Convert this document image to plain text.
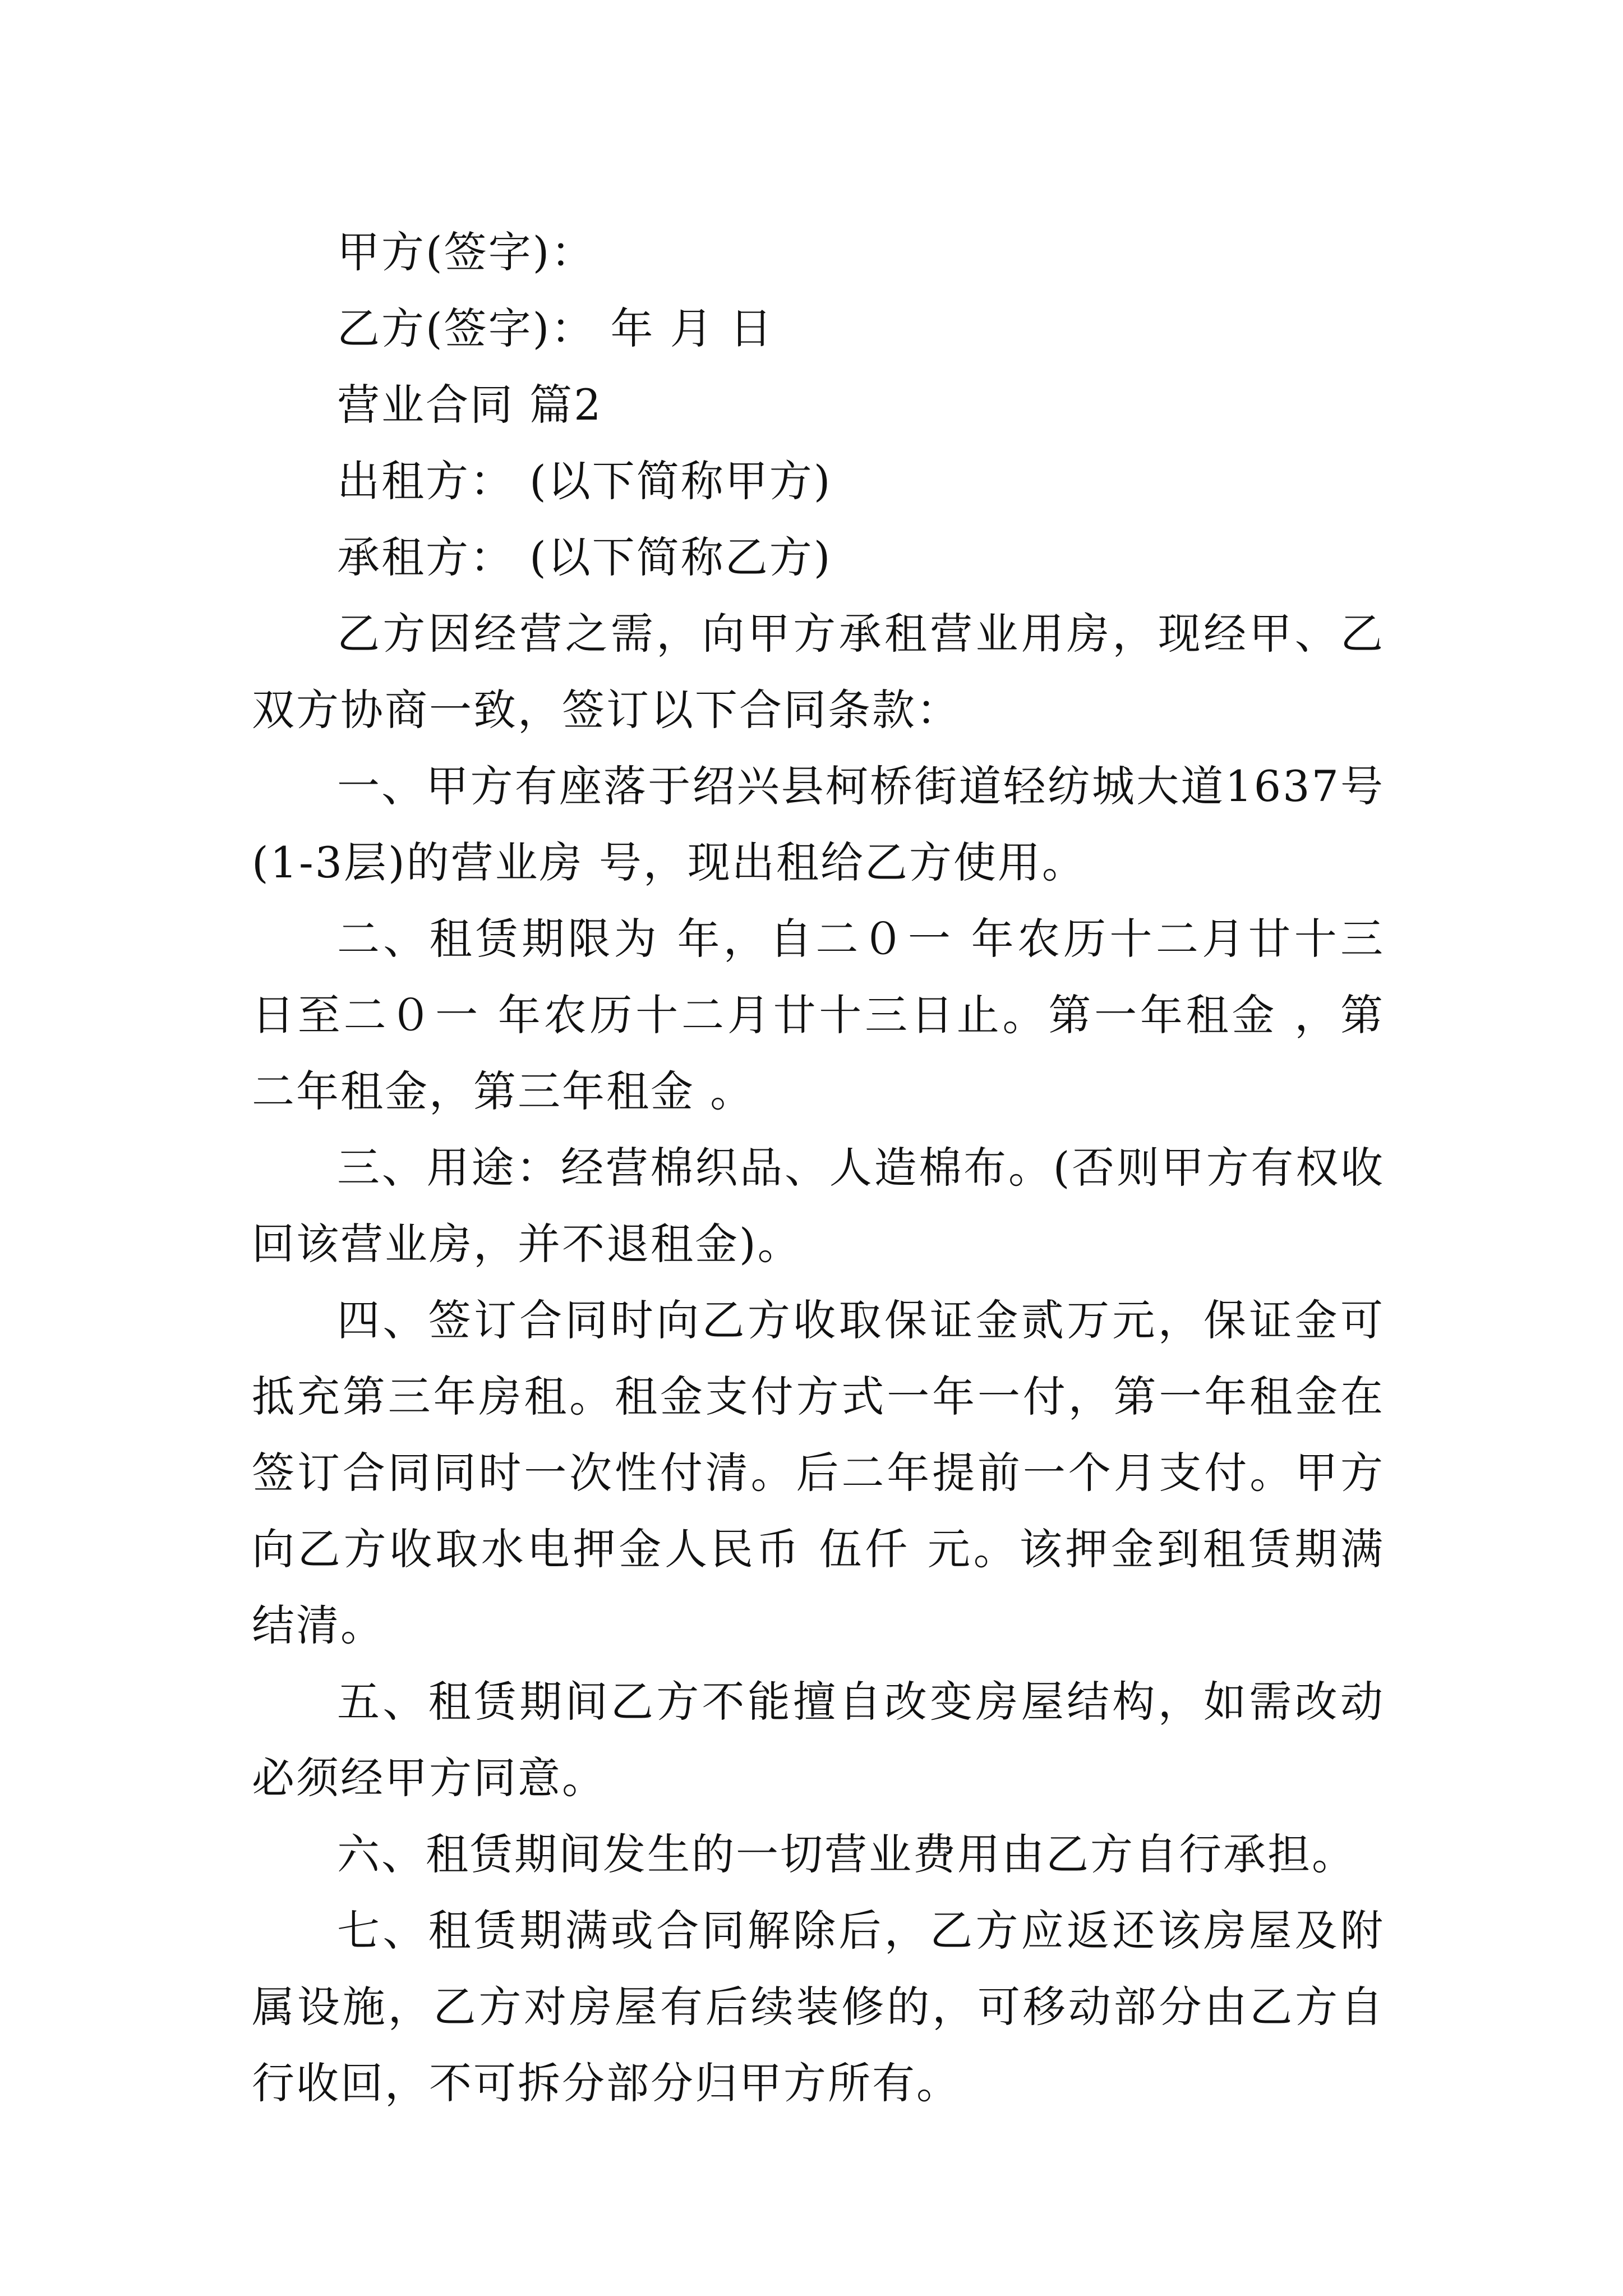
甲方(签字)：

乙方(签字)： 年 月 日

营业合同 篇2

出租方： (以下简称甲方)

承租方： (以下简称乙方)

乙方因经营之需，向甲方承租营业用房，现经甲、乙双方协商一致，签订以下合同条款：

一、甲方有座落于绍兴县柯桥街道轻纺城大道1637号(1-3层)的营业房 号，现出租给乙方使用。

二、租赁期限为 年，自二０一 年农历十二月廿十三日至二０一 年农历十二月廿十三日止。第一年租金 ，第二年租金，第三年租金 。

三、用途：经营棉织品、人造棉布。(否则甲方有权收回该营业房，并不退租金)。

四、签订合同时向乙方收取保证金贰万元，保证金可抵充第三年房租。租金支付方式一年一付，第一年租金在签订合同同时一次性付清。后二年提前一个月支付。甲方向乙方收取水电押金人民币 伍仟 元。该押金到租赁期满结清。

五、租赁期间乙方不能擅自改变房屋结构，如需改动必须经甲方同意。

六、租赁期间发生的一切营业费用由乙方自行承担。

七、租赁期满或合同解除后，乙方应返还该房屋及附属设施，乙方对房屋有后续装修的，可移动部分由乙方自行收回，不可拆分部分归甲方所有。
